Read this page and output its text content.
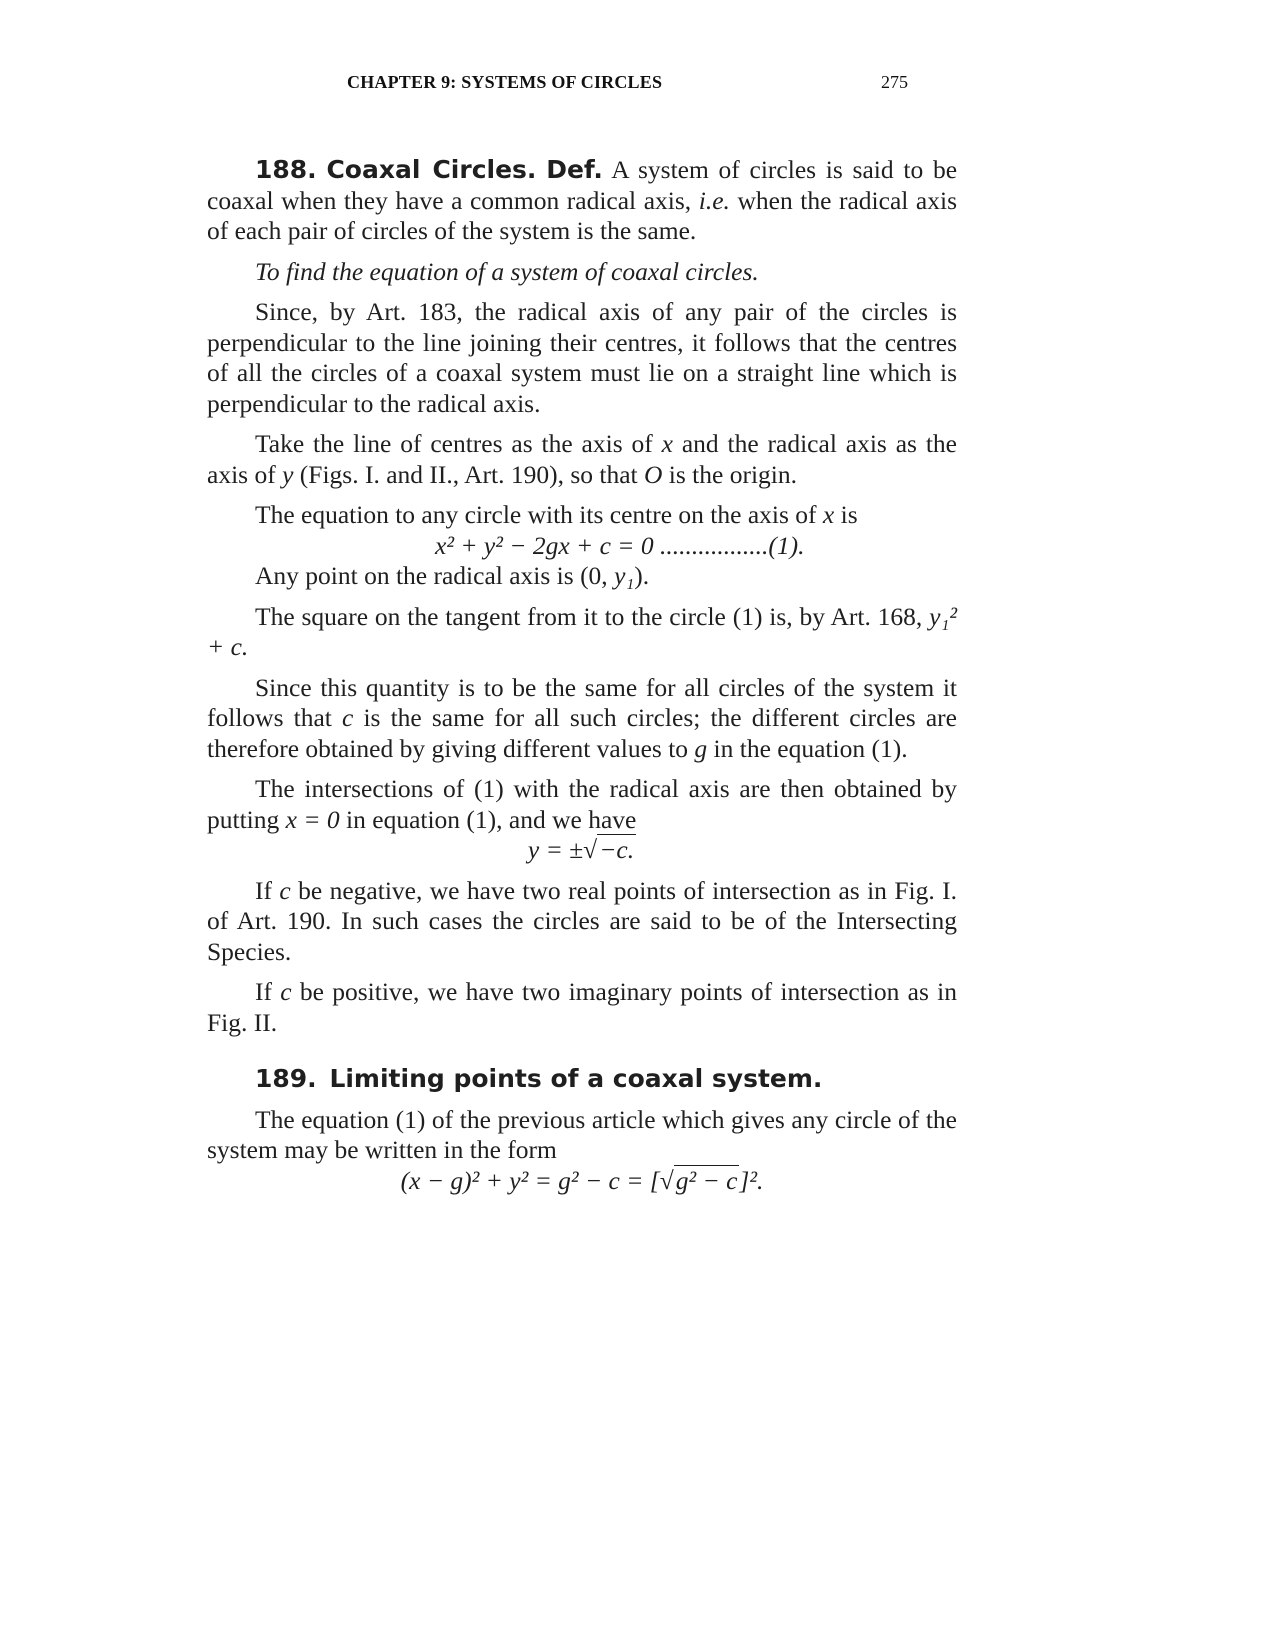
CHAPTER 9: SYSTEMS OF CIRCLES	275

188. Coaxal Circles. Def. A system of circles is said to be coaxal when they have a common radical axis, i.e. when the radical axis of each pair of circles of the system is the same.

To find the equation of a system of coaxal circles.

Since, by Art. 183, the radical axis of any pair of the circles is perpendicular to the line joining their centres, it follows that the centres of all the circles of a coaxal system must lie on a straight line which is perpendicular to the radical axis.

Take the line of centres as the axis of x and the radical axis as the axis of y (Figs. I. and II., Art. 190), so that O is the origin.

The equation to any circle with its centre on the axis of x is

x² + y² − 2gx + c = 0 .................(1).

Any point on the radical axis is (0, y₁).

The square on the tangent from it to the circle (1) is, by Art. 168, y₁² + c.

Since this quantity is to be the same for all circles of the system it follows that c is the same for all such circles; the different circles are therefore obtained by giving different values to g in the equation (1).

The intersections of (1) with the radical axis are then obtained by putting x = 0 in equation (1), and we have

y = ±√−c.

If c be negative, we have two real points of intersection as in Fig. I. of Art. 190. In such cases the circles are said to be of the Intersecting Species.

If c be positive, we have two imaginary points of intersection as in Fig. II.

189. Limiting points of a coaxal system.

The equation (1) of the previous article which gives any circle of the system may be written in the form

(x − g)² + y² = g² − c = [√g² − c]².
